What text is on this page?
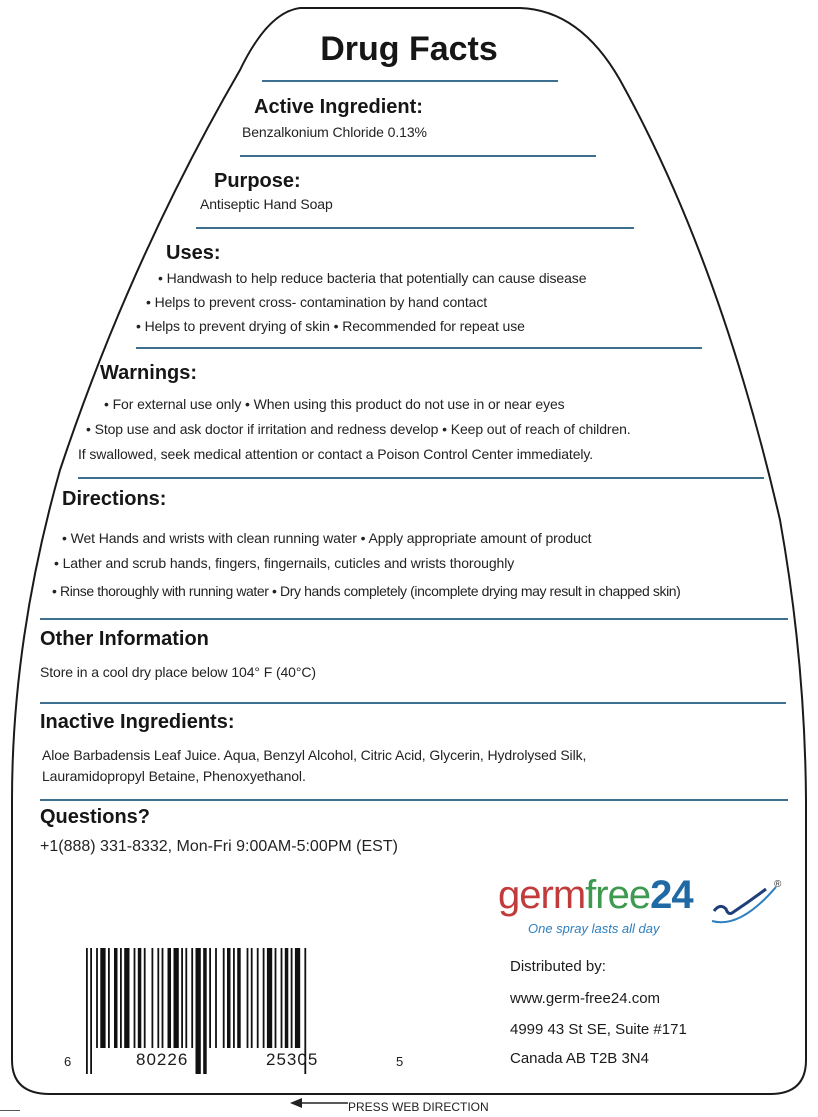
Drug Facts
Active Ingredient:
Benzalkonium Chloride 0.13%
Purpose:
Antiseptic Hand Soap
Uses:
• Handwash to help reduce bacteria that potentially can cause disease
• Helps to prevent cross- contamination by hand contact
• Helps to prevent drying of skin • Recommended for repeat use
Warnings:
• For external use only • When using this product do not use in or near eyes
• Stop use and ask doctor if irritation and redness develop • Keep out of reach of children.
If swallowed, seek medical attention or contact a Poison Control Center immediately.
Directions:
• Wet Hands and wrists with clean running water • Apply appropriate amount of product
• Lather and scrub hands, fingers, fingernails, cuticles and wrists thoroughly
• Rinse thoroughly with running water • Dry hands completely (incomplete drying may result in chapped skin)
Other Information
Store in a cool dry place below 104° F (40°C)
Inactive Ingredients:
Aloe Barbadensis Leaf Juice. Aqua, Benzyl Alcohol, Citric Acid, Glycerin, Hydrolysed Silk,
Lauramidopropyl Betaine, Phenoxyethanol.
Questions?
+1(888) 331-8332, Mon-Fri 9:00AM-5:00PM (EST)
germfree24	®
One spray lasts all day
Distributed by:
www.germ-free24.com
4999 43 St SE, Suite #171
Canada AB T2B 3N4
6	80226	25305	5
PRESS WEB DIRECTION
